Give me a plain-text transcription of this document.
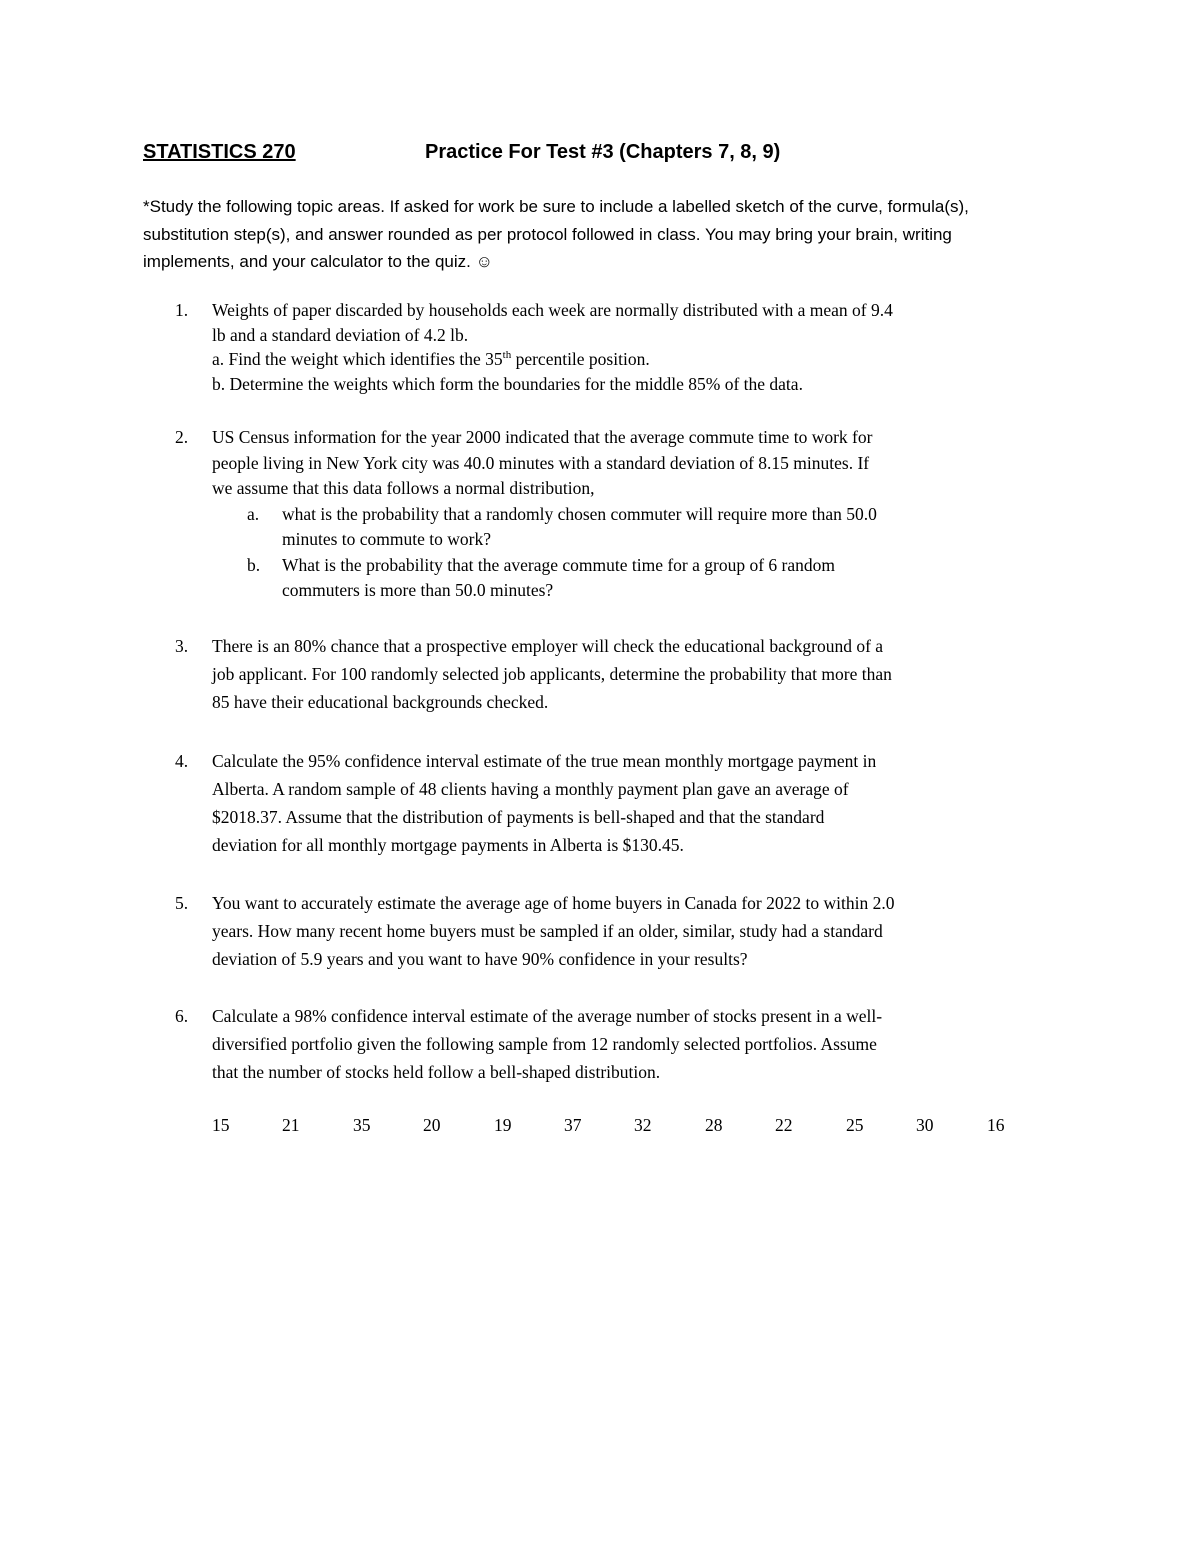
STATISTICS 270	Practice For Test #3 (Chapters 7, 8, 9)
*Study the following topic areas. If asked for work be sure to include a labelled sketch of the curve, formula(s),
substitution step(s), and answer rounded as per protocol followed in class. You may bring your brain, writing
implements, and your calculator to the quiz. ☺
1.	Weights of paper discarded by households each week are normally distributed with a mean of 9.4
lb and a standard deviation of 4.2 lb.
a. Find the weight which identifies the 35th percentile position.
b. Determine the weights which form the boundaries for the middle 85% of the data.
2.	US Census information for the year 2000 indicated that the average commute time to work for
people living in New York city was 40.0 minutes with a standard deviation of 8.15 minutes. If
we assume that this data follows a normal distribution,
a. what is the probability that a randomly chosen commuter will require more than 50.0
minutes to commute to work?
b. What is the probability that the average commute time for a group of 6 random
commuters is more than 50.0 minutes?
3.	There is an 80% chance that a prospective employer will check the educational background of a
job applicant. For 100 randomly selected job applicants, determine the probability that more than
85 have their educational backgrounds checked.
4.	Calculate the 95% confidence interval estimate of the true mean monthly mortgage payment in
Alberta. A random sample of 48 clients having a monthly payment plan gave an average of
$2018.37. Assume that the distribution of payments is bell-shaped and that the standard
deviation for all monthly mortgage payments in Alberta is $130.45.
5.	You want to accurately estimate the average age of home buyers in Canada for 2022 to within 2.0
years. How many recent home buyers must be sampled if an older, similar, study had a standard
deviation of 5.9 years and you want to have 90% confidence in your results?
6.	Calculate a 98% confidence interval estimate of the average number of stocks present in a well-
diversified portfolio given the following sample from 12 randomly selected portfolios. Assume
that the number of stocks held follow a bell-shaped distribution.
15	21	35	20	19	37	32	28	22	25	30	16
